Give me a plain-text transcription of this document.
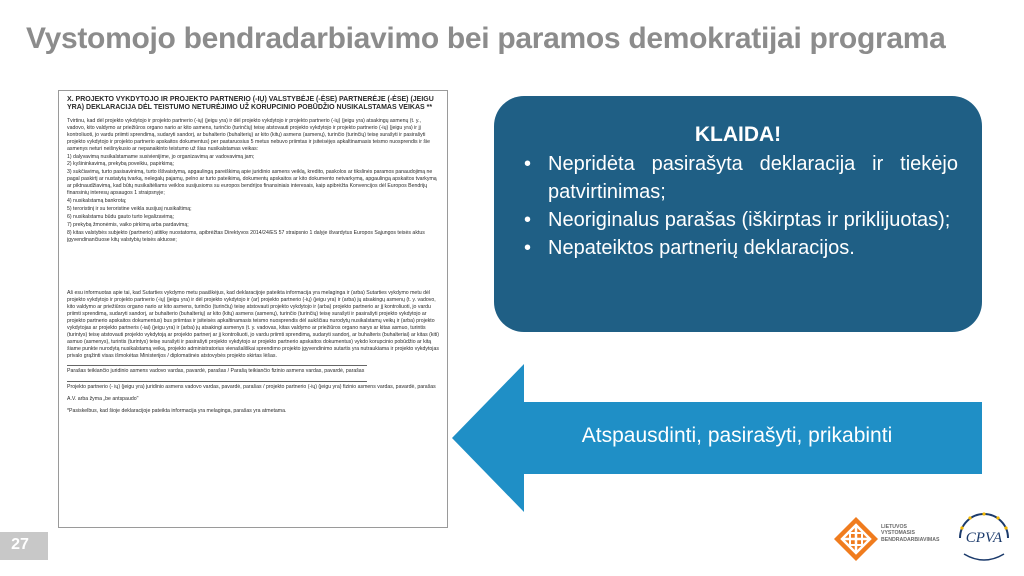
Vystomojo bendradarbiavimo bei paramos demokratijai programa
X. PROJEKTO VYKDYTOJO IR PROJEKTO PARTNERIO (-IŲ) VALSTYBĖJE (-ĖSE) PARTNERĖJE (-ĖSE) (JEIGU YRA) DEKLARACIJA DĖL TEISTUMO NETURĖJIMO UŽ KORUPCINIO POBŪDŽIO NUSIKALSTAMAS VEIKAS **

Tvirtinu, kad dėl projekto vykdytojo ir projekto partnerio (-ių) (jeigu yra) ir dėl projekto vykdytojo ir projekto partnerio (-ių) (jeigu yra) atsakingų asmenų (t. y., vadovo, kito valdymo ar priežiūros organo nario ar kito asmens, turinčio (turinčių) teisę atstovauti projekto vykdytojo ir projekto partnerio (-ių) (jeigu yra) ir jį kontroliuoti, jo vardu priimti sprendimą, sudaryti sandorį, ar buhalterio (buhalterių) ar kito (kitų) asmens (asmenų), turinčio (turinčių) teisę surašyti ir pasirašyti projekto vykdytojo ir projekto partnerio apskaitos dokumentus) per pastaruosius 5 metus nebuvo priimtas ir įsiteisėjęs apkaltinamasis teismo nuosprendis ir šie asmenys neturi neišnykusio ar nepanaikinto teistumo už šias nusikalstamas veikas:

1) dalyvavimą nusikalstamame susivienijime, jo organizavimą ar vadovavimą jam;

2) kyšininkavimą, prekybą poveikiu, papirkimą;

3) sukčiavimą, turto pasisavinimą, turto iššvaistymą, apgaulingą pareiškimą apie juridinio asmens veiklą, kredito, paskolos ar tikslinės paramos panaudojimą ne pagal paskirtį ar nustatytą tvarką, nelegalų pajamų, pelno ar turto pateikimą, dokumentų apskaitos ar kito dokumento netvarkymą, apgaulingą apskaitos tvarkymą ar piktnaudžiavimą, kad būtų nusikaltėliams veiklos susijusioms su europos bendrijos finansiniais interesais, kaip apibrėžta Konvencijos dėl Europos Bendrijų finansinių interesų apsaugos 1 straipsnyje;

4) nusikalstamą bankrotą;

5) teroristinį ir su teroristine veikla susijusį nusikaltimą;

6) nusikalstamu būdu gauto turto legalizavimą;

7) prekybą žmonėmis, vaiko pirkimą arba pardavimą;

8) kitas valstybės subjekto (partnerio) atitikę nuostatoms, apibrėžtas Direktyvos 2014/24/ES 57 straipsnio 1 dalyje išvardytus Europos Sąjungos teisės aktus įgyvendinančiuose kitų valstybių teisės aktuose;

Aš esu informuotas apie tai, kad Sutarties vykdymo metu paaiškėjus, kad deklaracijoje pateikta informacija yra melaginga ir (arba) Sutarties vykdymo metu dėl projekto vykdytojo ir projekto partnerio (-ių) (jeigu yra) ir dėl projekto vykdytojo ir (ar) projekto partnerio (-ių) (jeigu yra) ir (arba) jų atsakingų asmenų (t. y. vadovo, kito valdymo ar priežiūros organo nario ar kito asmens, turinčio (turinčių) teisę atstovauti projekto vykdytojo ir (arba) projekto partnerio ar jį kontroliuoti, jo vardu priimti sprendimą, sudaryti sandorį, ar buhalterio (buhalterių) ar kito (kitų) asmens (asmenų), turinčio (turinčių) teisę surašyti ir pasirašyti projekto vykdytojo ar projekto partnerio apskaitos dokumentus) bus priimtas ir įsiteisės apkaltinamasis teismo nuosprendis dėl aukščiau nurodytų nusikalstamų veikų ir (arba) projekto vykdytojas ar projekto partneris (-iai) (jeigu yra) ir (arba) jų atsakingi asmenys (t. y. vadovas, kitas valdymo ar priežiūros organo narys ar kitas asmuo, turintis (turintys) teisę atstovauti projekto vykdytoją ar projekto partnerį ar jį kontroliuoti, jo vardu priimti sprendimą, sudaryti sandorį, ar buhalteris (buhalteriai) ar kitas (kiti) asmuo (asmenys), turintis (turintys) teisę surašyti ir pasirašyti projekto vykdytojo ar projekto partnerio apskaitos dokumentus) vykdo korupcinio pobūdžio ar kitą šiame punkte nurodytą nusikalstamą veiką, projekto administratorius vienašališkai sprendimo projekto įgyvendinimo sutartis yra nutraukiama ir projekto vykdytojas privalo grąžinti visas išmokėtas Ministerijos / diplomatinės atstovybės projekto skirtas lėšas.

Parašas teikiančio juridinio asmens vadovo vardas, pavardė, parašas / Parašą teikiančio fizinio asmens vardas, pavardė, parašas

Projekto partnerio (- ių) (jeigu yra) juridinio asmens vadovo vardas, pavardė, parašas / projekto partnerio (-ių) (jeigu yra) fizinio asmens vardas, pavardė, parašas

A.V. arba žyma „be antspaudo"

*Pasiskelbus, kad šioje deklaracijoje pateikta informacija yra melaginga, parašas yra atmetama.

KLAIDA!
• Nepridėta pasirašyta deklaracija ir tiekėjo patvirtinimas;
• Neoriginalus parašas (iškirptas ir priklijuotas);
• Nepateiktos partnerių deklaracijos.
Atspausdinti, pasirašyti, prikabinti
27
LIETUVOS
VYSTOMASIS
BENDRADARBIAVIMAS	CPVA
